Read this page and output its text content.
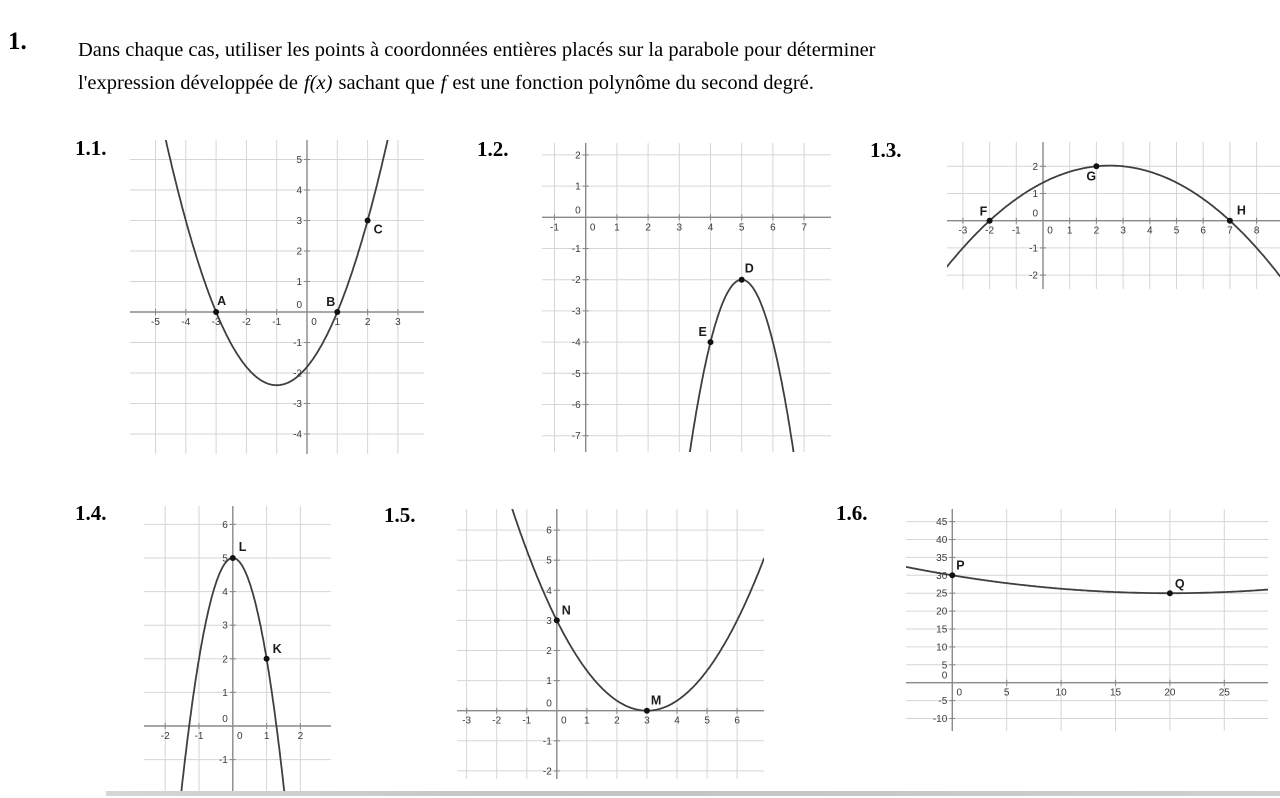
1.	Dans chaque cas, utiliser les points à coordonnées entières placés sur la parabole pour déterminer
l'expression développée de f(x) sachant que f est une fonction polynôme du second degré.
1.1.	1.2.	1.3.
1.4.	1.5.	1.6.
-5 -4 -3 -2 -1	0 1 2 3
-4
-3
-2
-1
0
1
2
3
4
5
A	B
C	-1	0 1	2	3	4	5	6	7
-7
-6
-5
-4
-3
-2
-1
0
1
2
D
E
-3 -2 -1	0 1 2 3 4 5 6 7 8
-2
-1
0
1
2
F
G
H
-2 -1	0 1	2
-1
0
1
2
3
4
5
6
L
K
-3 -2 -1	0 1 2 3 4 5 6
-2
-1
0
1
2
3
4
5
6
N
M
0	5	10	15	20	25
-10
-5
0
5
10
15
20
25
30
35
40
45
P
Q
